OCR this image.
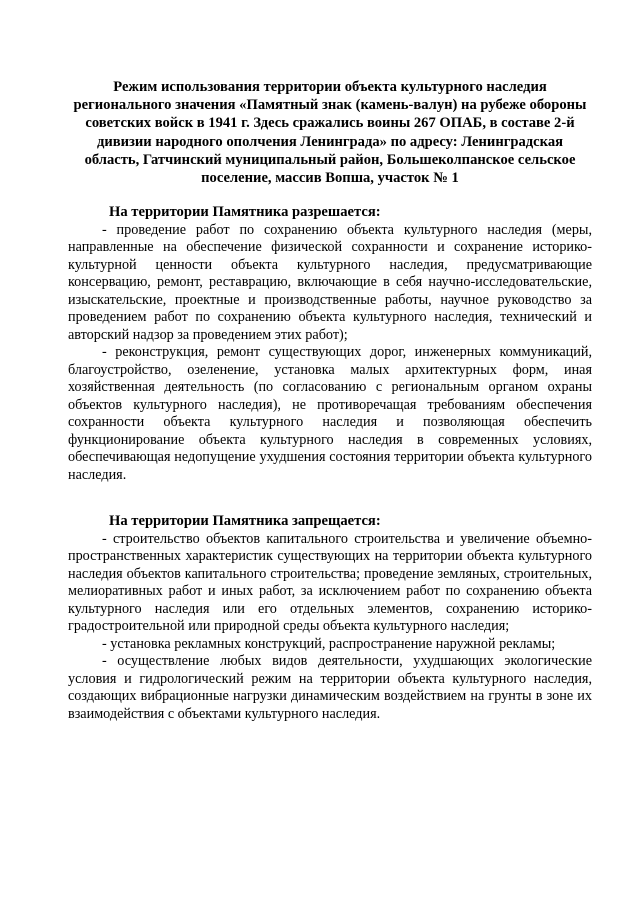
Режим использования территории объекта культурного наследия регионального значения «Памятный знак (камень-валун) на рубеже обороны советских войск в 1941 г. Здесь сражались воины 267 ОПАБ, в составе 2-й дивизии народного ополчения Ленинграда» по адресу: Ленинградская область, Гатчинский муниципальный район, Большеколпанское сельское поселение, массив Вопша, участок № 1

На территории Памятника разрешается:

- проведение работ по сохранению объекта культурного наследия (меры, направленные на обеспечение физической сохранности и сохранение историко-культурной ценности объекта культурного наследия, предусматривающие консервацию, ремонт, реставрацию, включающие в себя научно-исследовательские, изыскательские, проектные и производственные работы, научное руководство за проведением работ по сохранению объекта культурного наследия, технический и авторский надзор за проведением этих работ);

- реконструкция, ремонт существующих дорог, инженерных коммуникаций, благоустройство, озеленение, установка малых архитектурных форм, иная хозяйственная деятельность (по согласованию с региональным органом охраны объектов культурного наследия), не противоречащая требованиям обеспечения сохранности объекта культурного наследия и позволяющая обеспечить функционирование объекта культурного наследия в современных условиях, обеспечивающая недопущение ухудшения состояния территории объекта культурного наследия.

На территории Памятника запрещается:

- строительство объектов капитального строительства и увеличение объемно-пространственных характеристик существующих на территории объекта культурного наследия объектов капитального строительства; проведение земляных, строительных, мелиоративных работ и иных работ, за исключением работ по сохранению объекта культурного наследия или его отдельных элементов, сохранению историко-градостроительной или природной среды объекта культурного наследия;

- установка рекламных конструкций, распространение наружной рекламы;

- осуществление любых видов деятельности, ухудшающих экологические условия и гидрологический режим на территории объекта культурного наследия, создающих вибрационные нагрузки динамическим воздействием на грунты в зоне их взаимодействия с объектами культурного наследия.
